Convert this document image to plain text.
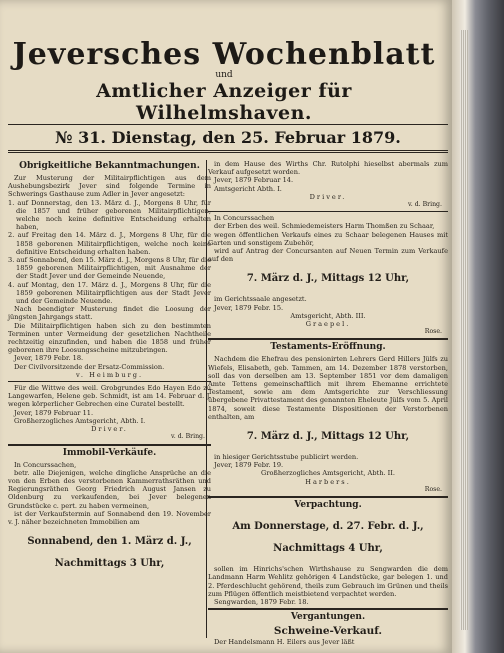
Jeversches Wochenblatt
und
Amtlicher Anzeiger für Wilhelmshaven.
№ 31. Dienstag, den 25. Februar 1879.
Obrigkeitliche Bekanntmachungen.

Zur Musterung der Militairpflichtigen aus dem Aushebungsbezirk Jever sind folgende Termine in Schwerings Gasthause zum Adler in Jever angesetzt:

1. auf Donnerstag, den 13. März d. J., Morgens 8 Uhr, für die 1857 und früher geborenen Militairpflichtigen, welche noch keine definitive Entscheidung erhalten haben,

2. auf Freitag den 14. März d. J., Morgens 8 Uhr, für die 1858 geborenen Militairpflichtigen, welche noch keine definitive Entscheidung erhalten haben.

3. auf Sonnabend, den 15. März d. J., Morgens 8 Uhr, für die 1859 geborenen Militairpflichtigen, mit Ausnahme der der Stadt Jever und der Gemeinde Neuende,

4. auf Montag, den 17. März d. J., Morgens 8 Uhr, für die 1859 geborenen Militairpflichtigen aus der Stadt Jever und der Gemeinde Neuende.

Nach beendigter Musterung findet die Loosung der jüngsten Jahrgangs statt.

Die Militairpflichtigen haben sich zu den bestimmten Terminen unter Vermeidung der gesetzlichen Nachtheile rechtzeitig einzufinden, und haben die 1858 und früher geborenen ihre Loosungsscheine mitzubringen.

Jever, 1879 Febr. 18.

Der Civilvorsitzende der Ersatz-Commission.

v. Heimburg.

Für die Wittwe des weil. Grobgrundes Edo Hayen Edo zu Langewarfen, Helene geb. Schmidt, ist am 14. Februar d. J. wegen körperlicher Gebrechen eine Curatel bestellt.

Jever, 1879 Februar 11.

Großherzogliches Amtsgericht, Abth. I.

Driver.

v. d. Bring.

Immobil-Verkäufe.

In Concurssachen,

betr. alle Diejenigen, welche dingliche Ansprüche an die von den Erben des verstorbenen Kammerrathsräthen und Regierungsräthen Georg Friedrich August Jansen zu Oldenburg zu verkaufenden, bei Jever belegenen Grundstücke c. pert. zu haben vermeinen,

ist der Verkaufstermin auf Sonnabend den 19. November v. J. näher bezeichneten Immobilien am

Sonnabend, den 1. März d. J.,

Nachmittags 3 Uhr,

in dem Hause des Wirths Chr. Rutolphi hieselbst abermals zum Verkauf aufgesetzt worden.

Jever, 1879 Februar 14.

Amtsgericht Abth. I.

Driver.

v. d. Bring.

In Concurssachen

der Erben des weil. Schmiedemeisters Harm Thomßen zu Schaar,

wegen öffentlichen Verkaufs eines zu Schaar belegenen Hauses mit Garten und sonstigem Zubehör,

wird auf Antrag der Concursanten auf Neuen Termin zum Verkaufe auf den

7. März d. J., Mittags 12 Uhr,

im Gerichtssaale angesetzt.

Jever, 1879 Febr. 15.

Amtsgericht, Abth. III.

Graepel.

Rose.

Testaments-Eröffnung.

Nachdem die Ehefrau des pensionirten Lehrers Gerd Hillers Jülfs zu Wiefels, Elisabeth, geb. Tammen, am 14. Dezember 1878 verstorben, soll das von derselben am 13. September 1851 vor dem damaligen Amte Tettens gemeinschaftlich mit ihrem Ehemanne errichtete Testament, sowie am dem Amtsgerichte zur Verschliessung übergebene Privattestament des genannten Eheleute Jülfs vom 5. April 1874, soweit diese Testamente Dispositionen der Verstorbenen enthalten, am

7. März d. J., Mittags 12 Uhr,

in hiesiger Gerichtsstube publicirt werden.

Jever, 1879 Febr. 19.

Großherzogliches Amtsgericht, Abth. II.

Harbers.

Rose.

Verpachtung.

Am Donnerstage, d. 27. Febr. d. J.,

Nachmittags 4 Uhr,

sollen im Hinrichs'schen Wirthshause zu Sengwarden die dem Landmann Harm Wehlitz gehörigen 4 Landstücke, gar belegen 1. und 2. Pferdeschlucht gehörend, theils zum Gebrauch im Grünen und theils zum Pflügen öffentlich meistbietend verpachtet werden.

Sengwarden, 1879 Febr. 18.

Vergantungen.
Schweine-Verkauf.

Der Handelsmann H. Eilers aus Jever läßt
